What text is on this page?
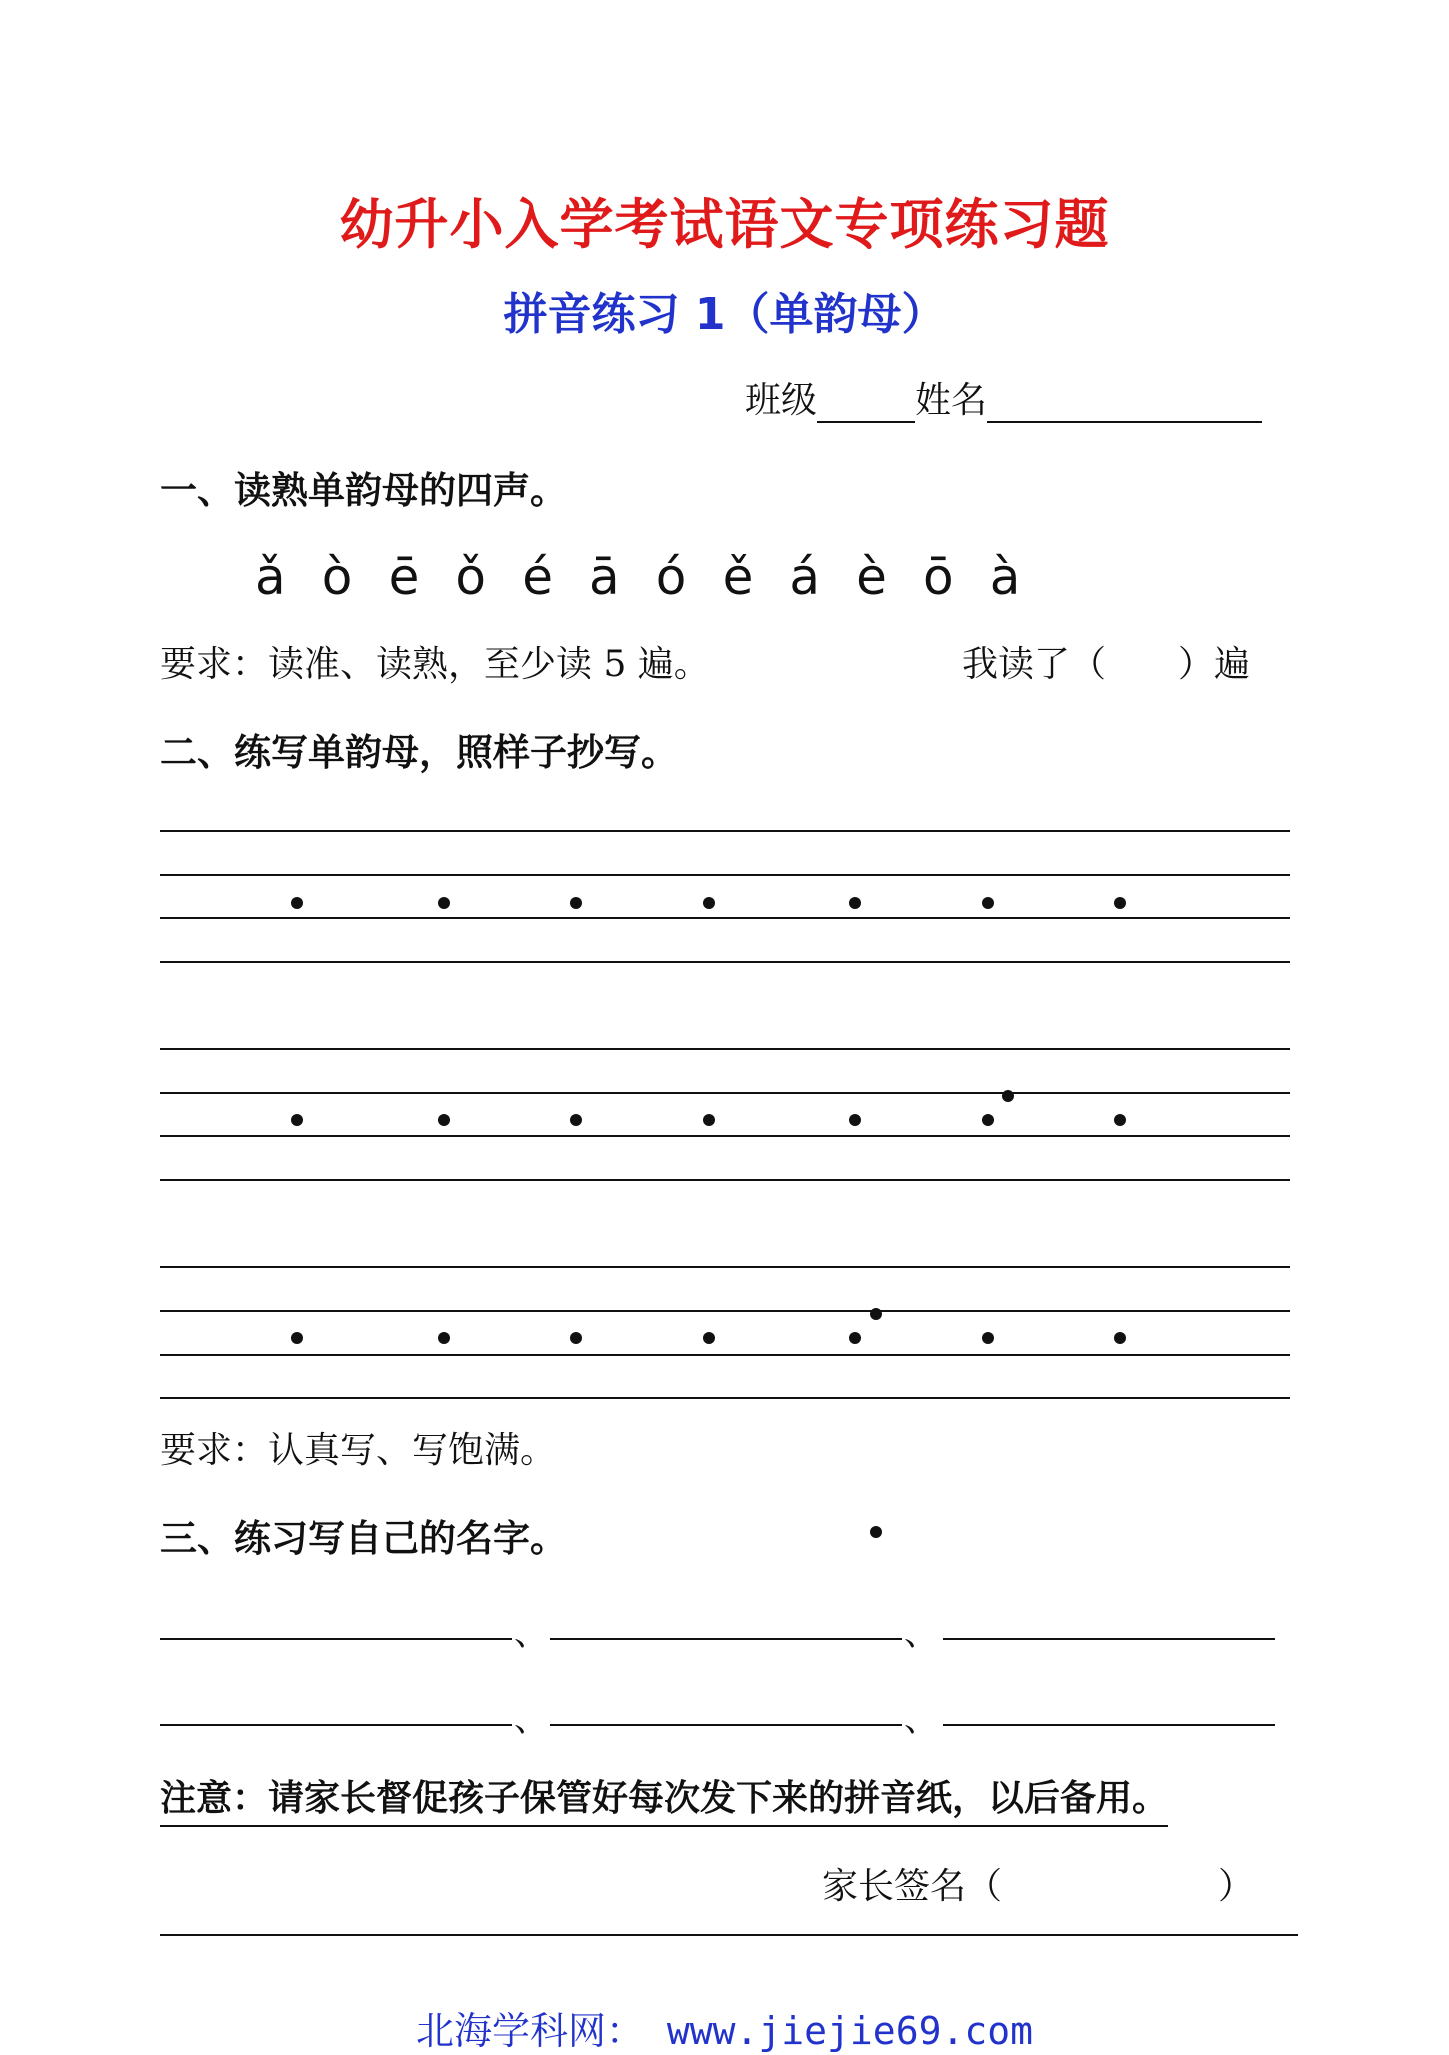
幼升小入学考试语文专项练习题
拼音练习 1（单韵母）
班级	姓名
一、读熟单韵母的四声。
ǎ ò ē ǒ é ā ó ě á è ō à
要求：读准、读熟，至少读 5 遍。	我读了（　　）遍
二、练写单韵母，照样子抄写。
要求：认真写、写饱满。
三、练习写自己的名字。
、	、
、	、
注意：请家长督促孩子保管好每次发下来的拼音纸，以后备用。
家长签名（　　　　　　）
北海学科网： www.jiejie69.com
